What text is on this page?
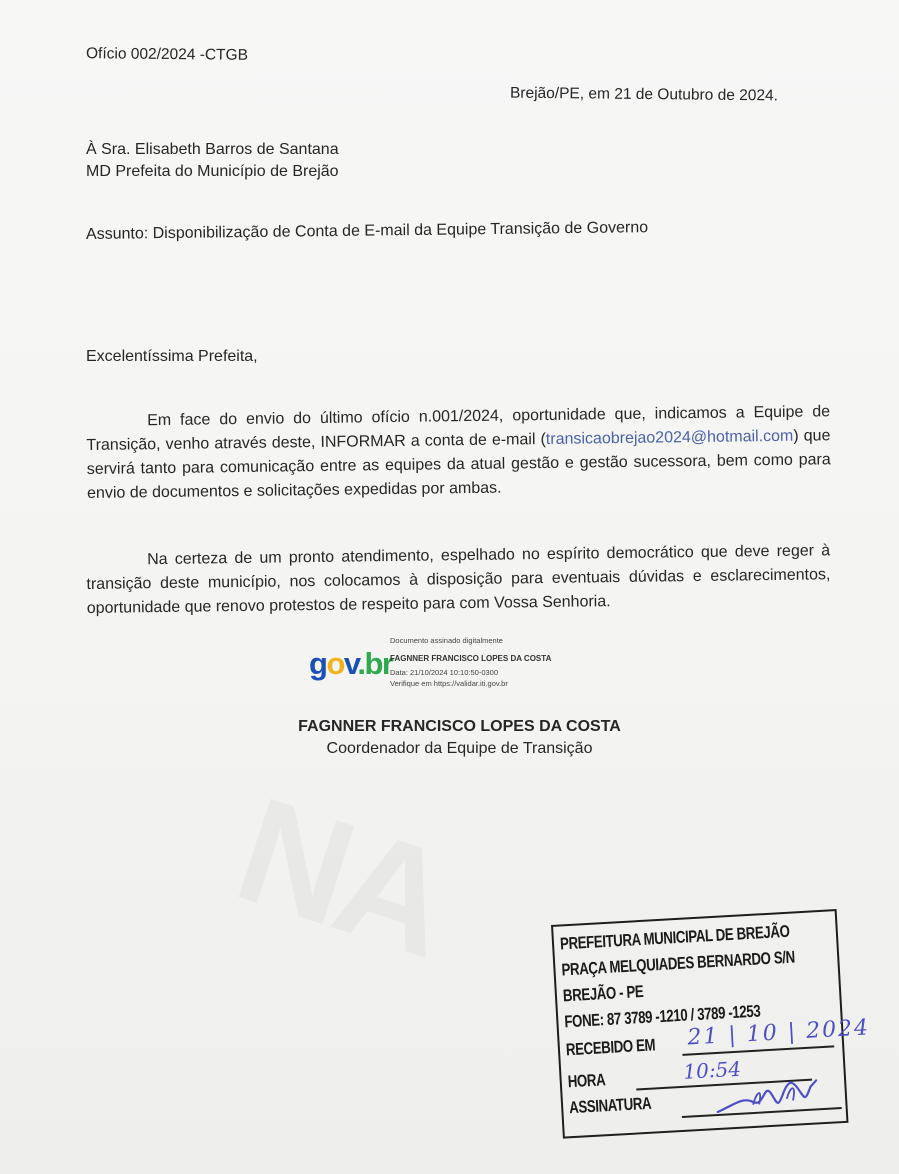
Ofício 002/2024 -CTGB
Brejão/PE, em 21 de Outubro de 2024.
À Sra. Elisabeth Barros de Santana
MD Prefeita do Município de Brejão
Assunto: Disponibilização de Conta de E-mail da Equipe Transição de Governo
Excelentíssima Prefeita,
Em face do envio do último ofício n.001/2024, oportunidade que, indicamos a Equipe de Transição, venho através deste, INFORMAR a conta de e-mail (transicaobrejao2024@hotmail.com) que servirá tanto para comunicação entre as equipes da atual gestão e gestão sucessora, bem como para envio de documentos e solicitações expedidas por ambas.
Na certeza de um pronto atendimento, espelhado no espírito democrático que deve reger à transição deste município, nos colocamos à disposição para eventuais dúvidas e esclarecimentos, oportunidade que renovo protestos de respeito para com Vossa Senhoria.
gov.br
Documento assinado digitalmente
FAGNNER FRANCISCO LOPES DA COSTA
Data: 21/10/2024 10:10:50-0300
Verifique em https://validar.iti.gov.br
FAGNNER FRANCISCO LOPES DA COSTA
Coordenador da Equipe de Transição
PREFEITURA MUNICIPAL DE BREJÃO
PRAÇA MELQUIADES BERNARDO S/N
BREJÃO - PE
FONE: 87 3789 -1210 / 3789 -1253
RECEBIDO EM
HORA
ASSINATURA
21 | 10 | 2024
10:54
